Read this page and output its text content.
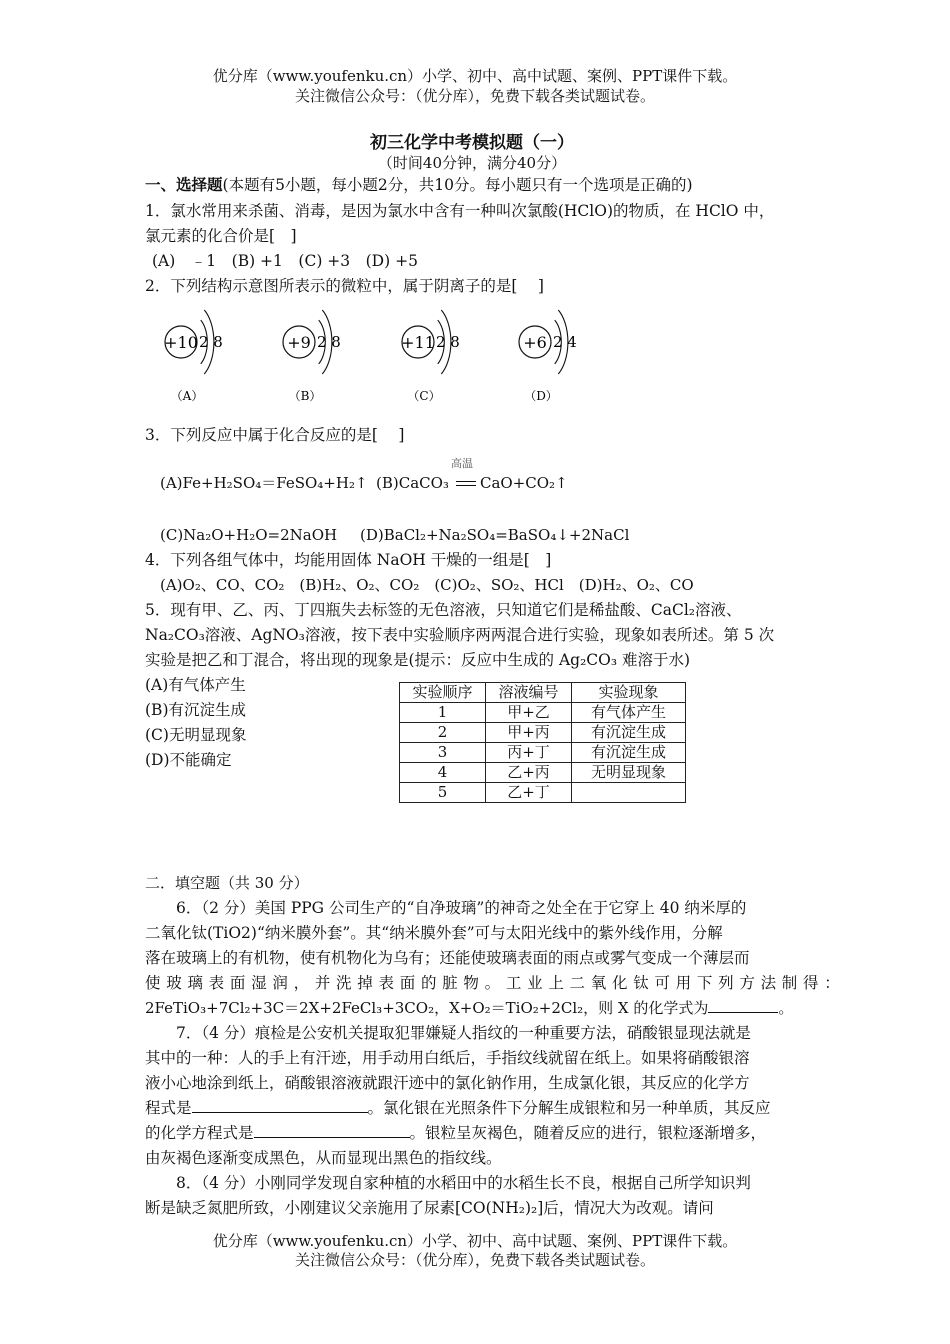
优分库（www.youfenku.cn）小学、初中、高中试题、案例、PPT课件下载。
关注微信公众号：（优分库），免费下载各类试题试卷。
初三化学中考模拟题（一）
（时间40分钟，满分40分）
一、选择题(本题有5小题，每小题2分，共10分。每小题只有一个选项是正确的)
1．氯水常用来杀菌、消毒，是因为氯水中含有一种叫次氯酸(HClO)的物质，在 HClO 中，
氯元素的化合价是[　]
(A)　﹣1　(B) +1　(C) +3　(D) +5
2．下列结构示意图所表示的微粒中，属于阴离子的是[　 ]
+10 2 8
（A）
+9 2 8
（B）
+11 2 8
（C）
+6 2 4
（D）
3．下列反应中属于化合反应的是[　 ]
高温
(A)Fe+H₂SO₄＝FeSO₄+H₂↑ (B)CaCO₃ CaO+CO₂↑
(C)Na₂O+H₂O=2NaOH (D)BaCl₂+Na₂SO₄=BaSO₄↓+2NaCl
4．下列各组气体中，均能用固体 NaOH 干燥的一组是[　]
(A)O₂、CO、CO₂　(B)H₂、O₂、CO₂　(C)O₂、SO₂、HCl　(D)H₂、O₂、CO
5．现有甲、乙、丙、丁四瓶失去标签的无色溶液，只知道它们是稀盐酸、CaCl₂溶液、
Na₂CO₃溶液、AgNO₃溶液，按下表中实验顺序两两混合进行实验，现象如表所述。第 5 次
实验是把乙和丁混合，将出现的现象是(提示：反应中生成的 Ag₂CO₃ 难溶于水)
(A)有气体产生
(B)有沉淀生成
(C)无明显现象
(D)不能确定
实验顺序	溶液编号	实验现象
1	甲+乙	有气体产生
2	甲+丙	有沉淀生成
3	丙+丁	有沉淀生成
4	乙+丙	无明显现象
5	乙+丁	
二．填空题（共 30 分）
6．（2 分）美国 PPG 公司生产的“自净玻璃”的神奇之处全在于它穿上 40 纳米厚的
二氧化钛(TiO2)“纳米膜外套”。其“纳米膜外套”可与太阳光线中的紫外线作用，分解
落在玻璃上的有机物，使有机物化为乌有；还能使玻璃表面的雨点或雾气变成一个薄层而
使 玻 璃 表 面 湿 润 ， 并 洗 掉 表 面 的 脏 物 。 工 业 上 二 氧 化 钛 可 用 下 列 方 法 制 得 ：
2FeTiO₃+7Cl₂+3C＝2X+2FeCl₃+3CO₂，X+O₂＝TiO₂+2Cl₂，则 X 的化学式为	。
7．（4 分）痕检是公安机关提取犯罪嫌疑人指纹的一种重要方法，硝酸银显现法就是
其中的一种：人的手上有汗迹，用手动用白纸后，手指纹线就留在纸上。如果将硝酸银溶
液小心地涂到纸上，硝酸银溶液就跟汗迹中的氯化钠作用，生成氯化银，其反应的化学方
程式是	。氯化银在光照条件下分解生成银粒和另一种单质，其反应
的化学方程式是	。银粒呈灰褐色，随着反应的进行，银粒逐渐增多，
由灰褐色逐渐变成黑色，从而显现出黑色的指纹线。
8．（4 分）小刚同学发现自家种植的水稻田中的水稻生长不良，根据自己所学知识判
断是缺乏氮肥所致，小刚建议父亲施用了尿素[CO(NH₂)₂]后，情况大为改观。请问
优分库（www.youfenku.cn）小学、初中、高中试题、案例、PPT课件下载。
关注微信公众号：（优分库），免费下载各类试题试卷。
